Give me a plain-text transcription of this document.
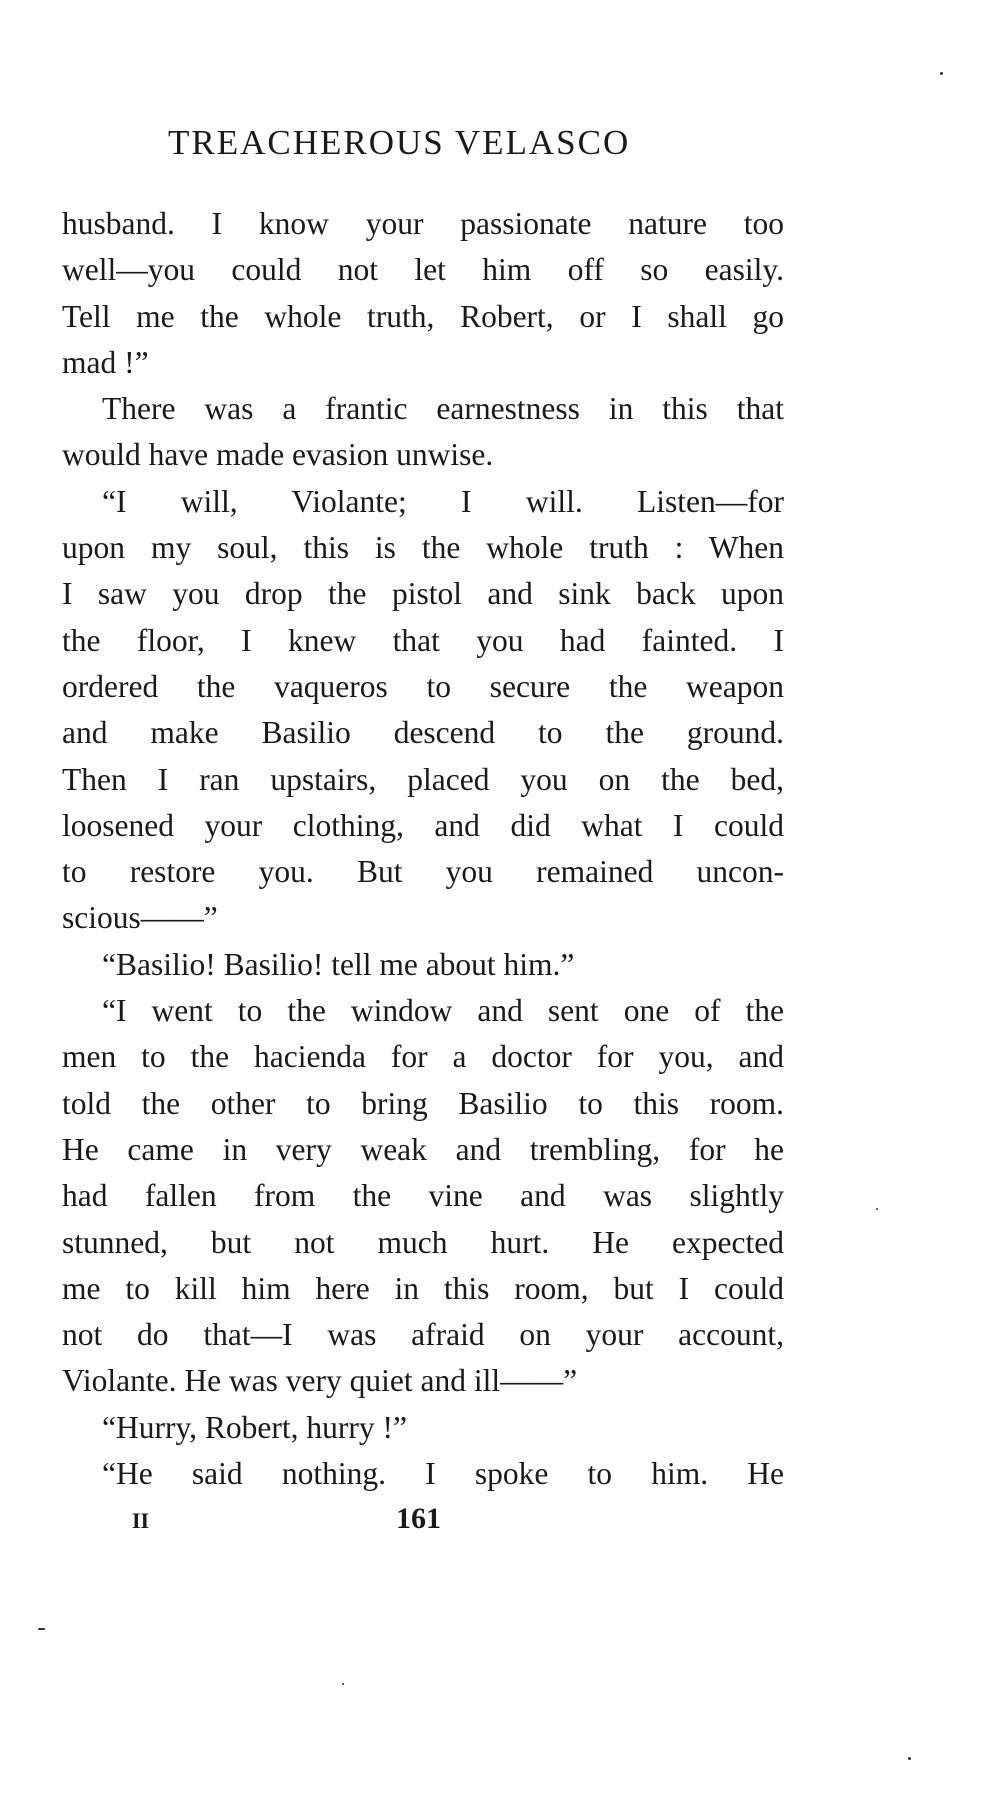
TREACHEROUS VELASCO
husband. I know your passionate nature too
well—you could not let him off so easily.
Tell me the whole truth, Robert, or I shall go
mad !”
There was a frantic earnestness in this that
would have made evasion unwise.
“I will, Violante; I will. Listen—for
upon my soul, this is the whole truth : When
I saw you drop the pistol and sink back upon
the floor, I knew that you had fainted. I
ordered the vaqueros to secure the weapon
and make Basilio descend to the ground.
Then I ran upstairs, placed you on the bed,
loosened your clothing, and did what I could
to restore you. But you remained uncon-
scious——”
“Basilio! Basilio! tell me about him.”
“I went to the window and sent one of the
men to the hacienda for a doctor for you, and
told the other to bring Basilio to this room.
He came in very weak and trembling, for he
had fallen from the vine and was slightly
stunned, but not much hurt. He expected
me to kill him here in this room, but I could
not do that—I was afraid on your account,
Violante. He was very quiet and ill——”
“Hurry, Robert, hurry !”
“He said nothing. I spoke to him. He
II	161
